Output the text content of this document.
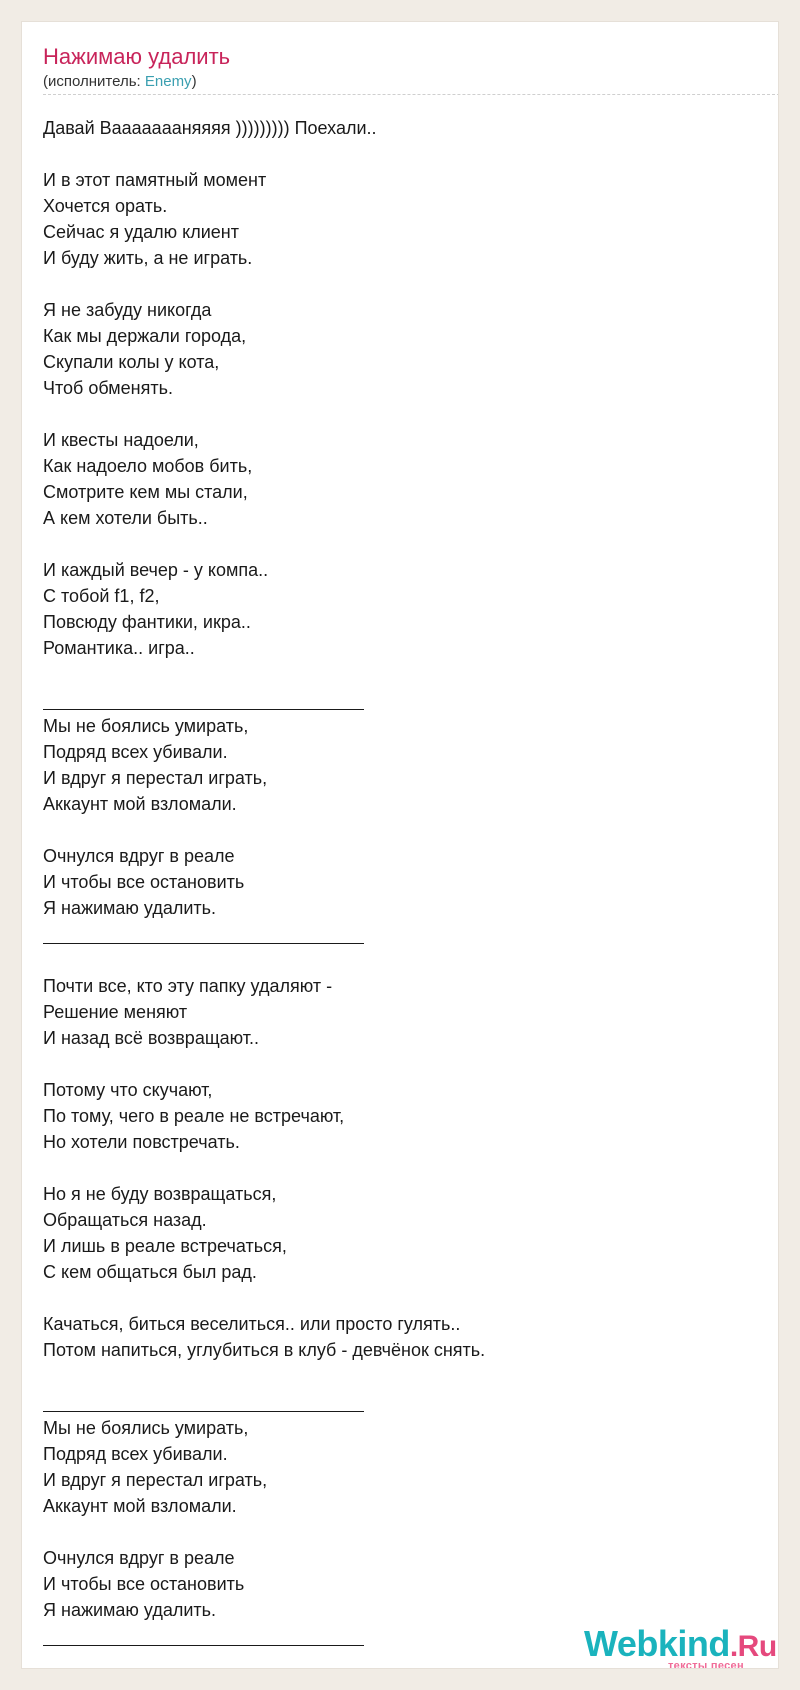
Нажимаю удалить
(исполнитель: Enemy)
Давай Ваааааааняяяя ))))))))) Поехали..
И в этот памятный момент
Хочется орать.
Сейчас я удалю клиент
И буду жить, а не играть.
Я не забуду никогда
Как мы держали города,
Скупали колы у кота,
Чтоб обменять.
И квесты надоели,
Как надоело мобов бить,
Смотрите кем мы стали,
А кем хотели быть..
И каждый вечер - у компа..
С тобой f1, f2,
Повсюду фантики, икра..
Романтика.. игра..
Мы не боялись умирать,
Подряд всех убивали.
И вдруг я перестал играть,
Аккаунт мой взломали.
Очнулся вдруг в реале
И чтобы все остановить
Я нажимаю удалить.
Почти все, кто эту папку удаляют -
Решение меняют
И назад всё возвращают..
Потому что скучают,
По тому, чего в реале не встречают,
Но хотели повстречать.
Но я не буду возвращаться,
Обращаться назад.
И лишь в реале встречаться,
С кем общаться был рад.
Качаться, биться веселиться.. или просто гулять..
Потом напиться, углубиться в клуб - девчёнок снять.
Мы не боялись умирать,
Подряд всех убивали.
И вдруг я перестал играть,
Аккаунт мой взломали.
Очнулся вдруг в реале
И чтобы все остановить
Я нажимаю удалить.
Webkind.Ru
тексты песен
